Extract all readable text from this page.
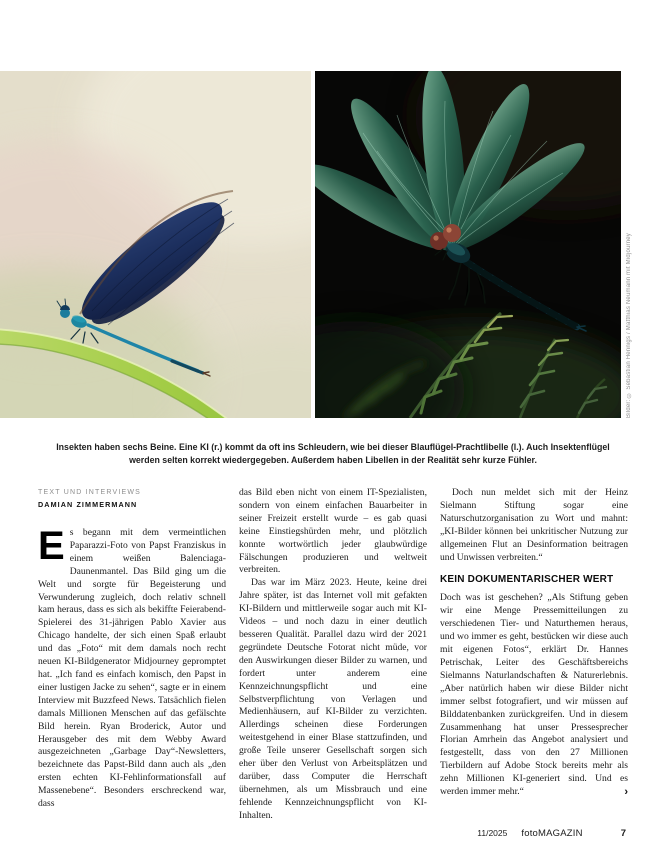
Bilder: © Sebastian Hennigs / Matthias Neumann mit Midjourney

Insekten haben sechs Beine. Eine KI (r.) kommt da oft ins Schleudern, wie bei dieser Blauflügel-Prachtlibelle (l.). Auch Insektenflügel werden selten korrekt wiedergegeben. Außerdem haben Libellen in der Realität sehr kurze Fühler.

TEXT UND INTERVIEWS
DAMIAN ZIMMERMANN

Es begann mit dem vermeintlichen Paparazzi-Foto von Papst Franziskus in einem weißen Balenciaga-Daunenmantel. Das Bild ging um die Welt und sorgte für Begeisterung und Verwunderung zugleich, doch relativ schnell kam heraus, dass es sich als bekiffte Feierabend-Spielerei des 31-jährigen Pablo Xavier aus Chicago handelte, der sich einen Spaß erlaubt und das „Foto“ mit dem damals noch recht neuen KI-Bildgenerator Midjourney gepromptet hat. „Ich fand es einfach komisch, den Papst in einer lustigen Jacke zu sehen“, sagte er in einem Interview mit Buzzfeed News. Tatsächlich fielen damals Millionen Menschen auf das gefälschte Bild herein. Ryan Broderick, Autor und Herausgeber des mit dem Webby Award ausgezeichneten „Garbage Day“-Newsletters, bezeichnete das Papst-Bild dann auch als „den ersten echten KI-Fehlinformationsfall auf Massenebene“. Besonders erschreckend war, dass

das Bild eben nicht von einem IT-Spezialisten, sondern von einem einfachen Bauarbeiter in seiner Freizeit erstellt wurde – es gab quasi keine Einstiegshürden mehr, und plötzlich konnte wortwörtlich jeder glaubwürdige Fälschungen produzieren und weltweit verbreiten.

Das war im März 2023. Heute, keine drei Jahre später, ist das Internet voll mit gefakten KI-Bildern und mittlerweile sogar auch mit KI-Videos – und noch dazu in einer deutlich besseren Qualität. Parallel dazu wird der 2021 gegründete Deutsche Fotorat nicht müde, vor den Auswirkungen dieser Bilder zu warnen, und fordert unter anderem eine Kennzeichnungspflicht und eine Selbstverpflichtung von Verlagen und Medienhäusern, auf KI-Bilder zu verzichten. Allerdings scheinen diese Forderungen weitestgehend in einer Blase stattzufinden, und große Teile unserer Gesellschaft sorgen sich eher über den Verlust von Arbeitsplätzen und darüber, dass Computer die Herrschaft übernehmen, als um Missbrauch und eine fehlende Kennzeichnungspflicht von KI-Inhalten.

Doch nun meldet sich mit der Heinz Sielmann Stiftung sogar eine Naturschutzorganisation zu Wort und mahnt: „KI-Bilder können bei unkritischer Nutzung zur allgemeinen Flut an Desinformation beitragen und Unwissen verbreiten.“

KEIN DOKUMENTARISCHER WERT

Doch was ist geschehen? „Als Stiftung geben wir eine Menge Pressemitteilungen zu verschiedenen Tier- und Naturthemen heraus, und wo immer es geht, bestücken wir diese auch mit eigenen Fotos“, erklärt Dr. Hannes Petrischak, Leiter des Geschäftsbereichs Sielmanns Naturlandschaften & Naturerlebnis. „Aber natürlich haben wir diese Bilder nicht immer selbst fotografiert, und wir müssen auf Bilddatenbanken zurückgreifen. Und in diesem Zusammenhang hat unser Pressesprecher Florian Amrhein das Angebot analysiert und festgestellt, dass von den 27 Millionen Tierbildern auf Adobe Stock bereits mehr als zehn Millionen KI-generiert sind. Und es werden immer mehr.“	›

11/2025 fotoMAGAZIN	7
